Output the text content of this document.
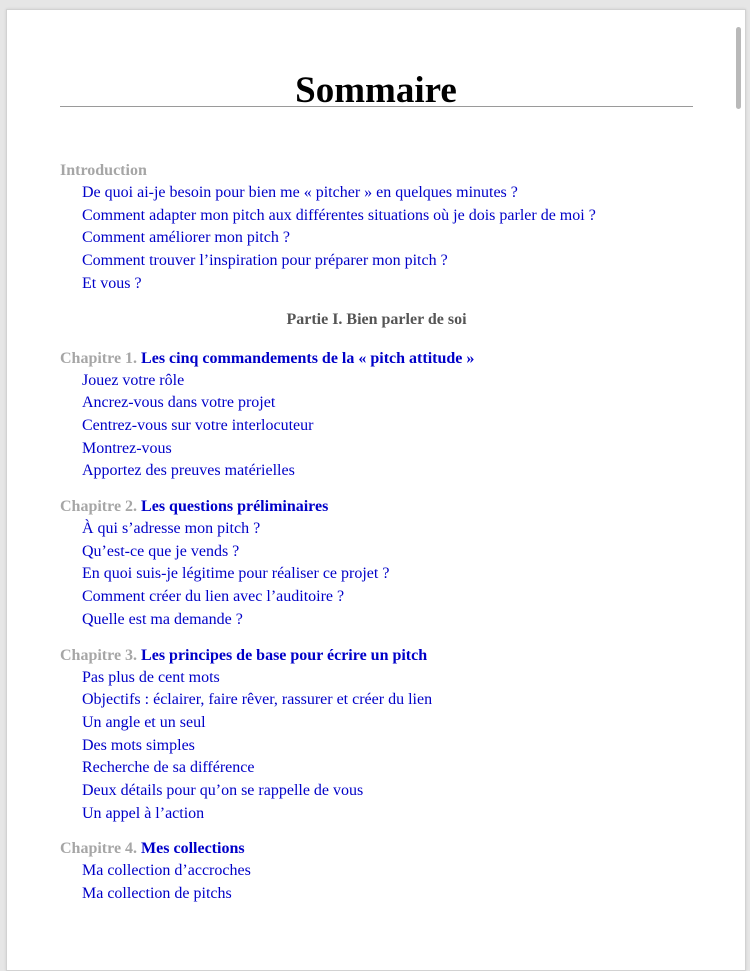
Sommaire
Introduction
De quoi ai-je besoin pour bien me « pitcher » en quelques minutes ?
Comment adapter mon pitch aux différentes situations où je dois parler de moi ?
Comment améliorer mon pitch ?
Comment trouver l’inspiration pour préparer mon pitch ?
Et vous ?
Partie I. Bien parler de soi
Chapitre 1. Les cinq commandements de la « pitch attitude »
Jouez votre rôle
Ancrez-vous dans votre projet
Centrez-vous sur votre interlocuteur
Montrez-vous
Apportez des preuves matérielles
Chapitre 2. Les questions préliminaires
À qui s’adresse mon pitch ?
Qu’est-ce que je vends ?
En quoi suis-je légitime pour réaliser ce projet ?
Comment créer du lien avec l’auditoire ?
Quelle est ma demande ?
Chapitre 3. Les principes de base pour écrire un pitch
Pas plus de cent mots
Objectifs : éclairer, faire rêver, rassurer et créer du lien
Un angle et un seul
Des mots simples
Recherche de sa différence
Deux détails pour qu’on se rappelle de vous
Un appel à l’action
Chapitre 4. Mes collections
Ma collection d’accroches
Ma collection de pitchs
